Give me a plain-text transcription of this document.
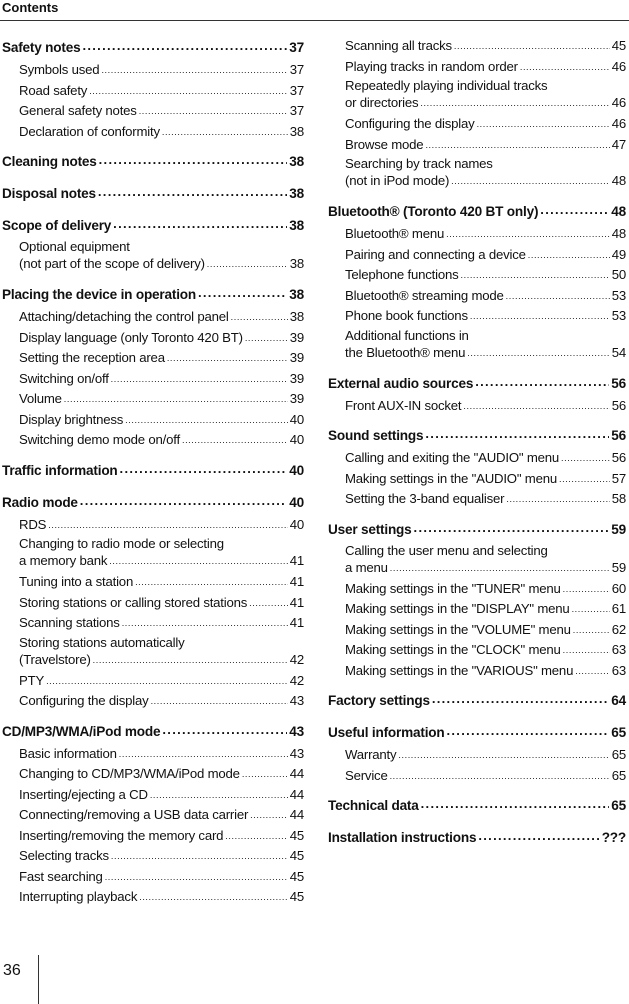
Contents
Safety notes .....	37
Symbols used .....	37
Road safety .....	37
General safety notes .....	37
Declaration of conformity .....	38
Cleaning notes .....	38
Disposal notes .....	38
Scope of delivery .....	38
Optional equipment
(not part of the scope of delivery) .....	38
Placing the device in operation .....	38
Attaching/detaching the control panel .....	38
Display language (only Toronto 420 BT) .....	39
Setting the reception area .....	39
Switching on/off .....	39
Volume .....	39
Display brightness .....	40
Switching demo mode on/off .....	40
Traffic information .....	40
Radio mode .....	40
RDS .....	40
Changing to radio mode or selecting
a memory bank .....	41
Tuning into a station .....	41
Storing stations or calling stored stations .....	41
Scanning stations .....	41
Storing stations automatically
(Travelstore) .....	42
PTY .....	42
Configuring the display .....	43
CD/MP3/WMA/iPod mode .....	43
Basic information .....	43
Changing to CD/MP3/WMA/iPod mode .....	44
Inserting/ejecting a CD .....	44
Connecting/removing a USB data carrier .....	44
Inserting/removing the memory card .....	45
Selecting tracks .....	45
Fast searching .....	45
Interrupting playback .....	45
Scanning all tracks .....	45
Playing tracks in random order .....	46
Repeatedly playing individual tracks
or directories .....	46
Configuring the display .....	46
Browse mode .....	47
Searching by track names
(not in iPod mode) .....	48
Bluetooth® (Toronto 420 BT only) .....	48
Bluetooth® menu .....	48
Pairing and connecting a device .....	49
Telephone functions .....	50
Bluetooth® streaming mode .....	53
Phone book functions .....	53
Additional functions in
the Bluetooth® menu .....	54
External audio sources .....	56
Front AUX-IN socket .....	56
Sound settings .....	56
Calling and exiting the "AUDIO" menu .....	56
Making settings in the "AUDIO" menu .....	57
Setting the 3-band equaliser .....	58
User settings .....	59
Calling the user menu and selecting
a menu .....	59
Making settings in the "TUNER" menu .....	60
Making settings in the "DISPLAY" menu .....	61
Making settings in the "VOLUME" menu .....	62
Making settings in the "CLOCK" menu .....	63
Making settings in the "VARIOUS" menu .....	63
Factory settings .....	64
Useful information .....	65
Warranty .....	65
Service .....	65
Technical data .....	65
Installation instructions .....	???
36
